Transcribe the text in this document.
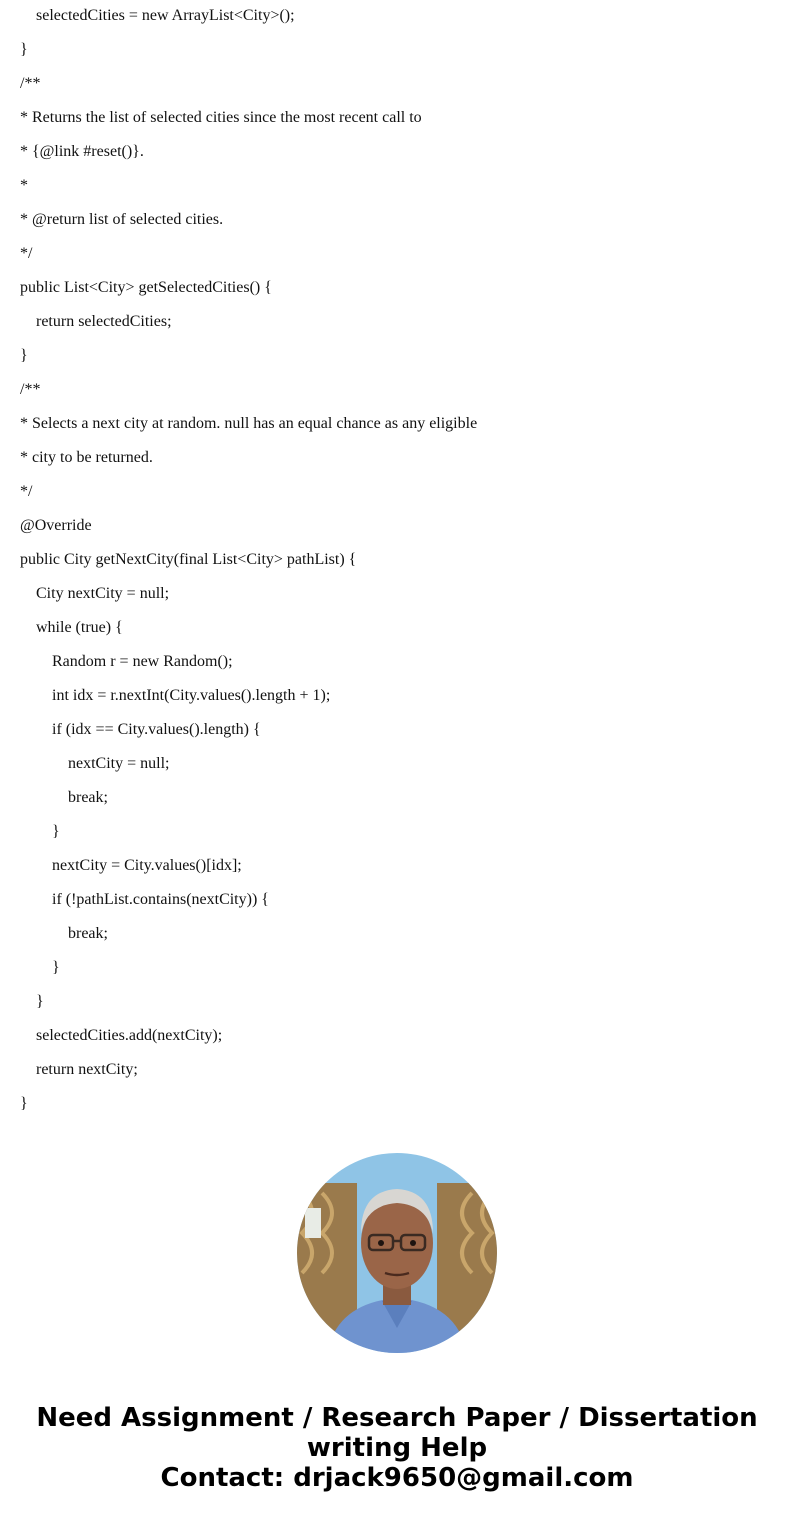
selectedCities = new ArrayList<City>();
}
/**
* Returns the list of selected cities since the most recent call to
* {@link #reset()}.
*
* @return list of selected cities.
*/
public List<City> getSelectedCities() {
return selectedCities;
}
/**
* Selects a next city at random. null has an equal chance as any eligible
* city to be returned.
*/
@Override
public City getNextCity(final List<City> pathList) {
City nextCity = null;
while (true) {
Random r = new Random();
int idx = r.nextInt(City.values().length + 1);
if (idx == City.values().length) {
nextCity = null;
break;
}
nextCity = City.values()[idx];
if (!pathList.contains(nextCity)) {
break;
}
}
selectedCities.add(nextCity);
return nextCity;
}
Need Assignment / Research Paper / Dissertation
writing Help
Contact: drjack9650@gmail.com
